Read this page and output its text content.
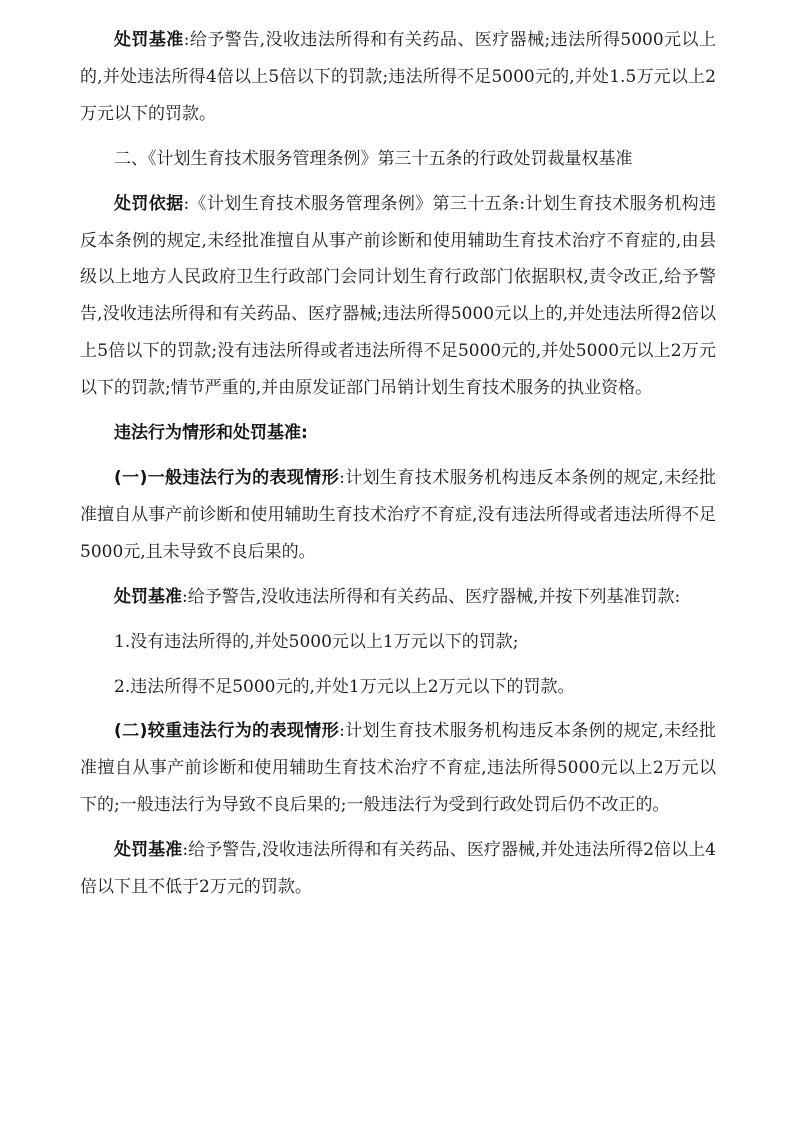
处罚基准:给予警告,没收违法所得和有关药品、医疗器械;违法所得5000元以上的,并处违法所得4倍以上5倍以下的罚款;违法所得不足5000元的,并处1.5万元以上2万元以下的罚款。

二、《计划生育技术服务管理条例》第三十五条的行政处罚裁量权基准

处罚依据:《计划生育技术服务管理条例》第三十五条:计划生育技术服务机构违反本条例的规定,未经批准擅自从事产前诊断和使用辅助生育技术治疗不育症的,由县级以上地方人民政府卫生行政部门会同计划生育行政部门依据职权,责令改正,给予警告,没收违法所得和有关药品、医疗器械;违法所得5000元以上的,并处违法所得2倍以上5倍以下的罚款;没有违法所得或者违法所得不足5000元的,并处5000元以上2万元以下的罚款;情节严重的,并由原发证部门吊销计划生育技术服务的执业资格。

违法行为情形和处罚基准:

(一)一般违法行为的表现情形:计划生育技术服务机构违反本条例的规定,未经批准擅自从事产前诊断和使用辅助生育技术治疗不育症,没有违法所得或者违法所得不足5000元,且未导致不良后果的。

处罚基准:给予警告,没收违法所得和有关药品、医疗器械,并按下列基准罚款:

1.没有违法所得的,并处5000元以上1万元以下的罚款;

2.违法所得不足5000元的,并处1万元以上2万元以下的罚款。

(二)较重违法行为的表现情形:计划生育技术服务机构违反本条例的规定,未经批准擅自从事产前诊断和使用辅助生育技术治疗不育症,违法所得5000元以上2万元以下的;一般违法行为导致不良后果的;一般违法行为受到行政处罚后仍不改正的。

处罚基准:给予警告,没收违法所得和有关药品、医疗器械,并处违法所得2倍以上4倍以下且不低于2万元的罚款。
